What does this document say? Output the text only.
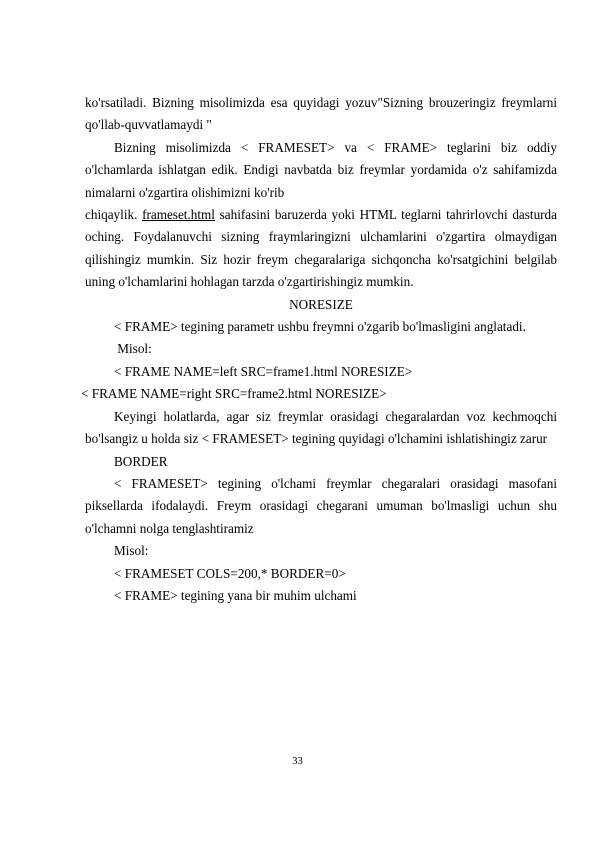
ko'rsatiladi. Bizning misolimizda esa quyidagi yozuv"Sizning brouzeringiz freymlarni qo'llab-quvvatlamaydi "

Bizning misolimizda < FRAMESET> va < FRAME> teglarini biz oddiy o'lchamlarda ishlatgan edik. Endigi navbatda biz freymlar yordamida o'z sahifamizda nimalarni o'zgartira olishimizni ko'rib

chiqaylik. frameset.html sahifasini baruzerda yoki HTML teglarni tahrirlovchi dasturda oching. Foydalanuvchi sizning fraymlaringizni ulchamlarini o'zgartira olmaydigan qilishingiz mumkin. Siz hozir freym chegaralariga sichqoncha ko'rsatgichini belgilab uning o'lchamlarini hohlagan tarzda o'zgartirishingiz mumkin.

NORESIZE

< FRAME> tegining parametr ushbu freymni o'zgarib bo'lmasligini anglatadi.

Misol:

< FRAME NAME=left SRC=frame1.html NORESIZE>

< FRAME NAME=right SRC=frame2.html NORESIZE>

Keyingi holatlarda, agar siz freymlar orasidagi chegaralardan voz kechmoqchi bo'lsangiz u holda siz < FRAMESET> tegining quyidagi o'lchamini ishlatishingiz zarur

BORDER

< FRAMESET> tegining o'lchami freymlar chegaralari orasidagi masofani piksellarda ifodalaydi. Freym orasidagi chegarani umuman bo'lmasligi uchun shu o'lchamni nolga tenglashtiramiz

Misol:

< FRAMESET COLS=200,* BORDER=0>

< FRAME> tegining yana bir muhim ulchami

33
